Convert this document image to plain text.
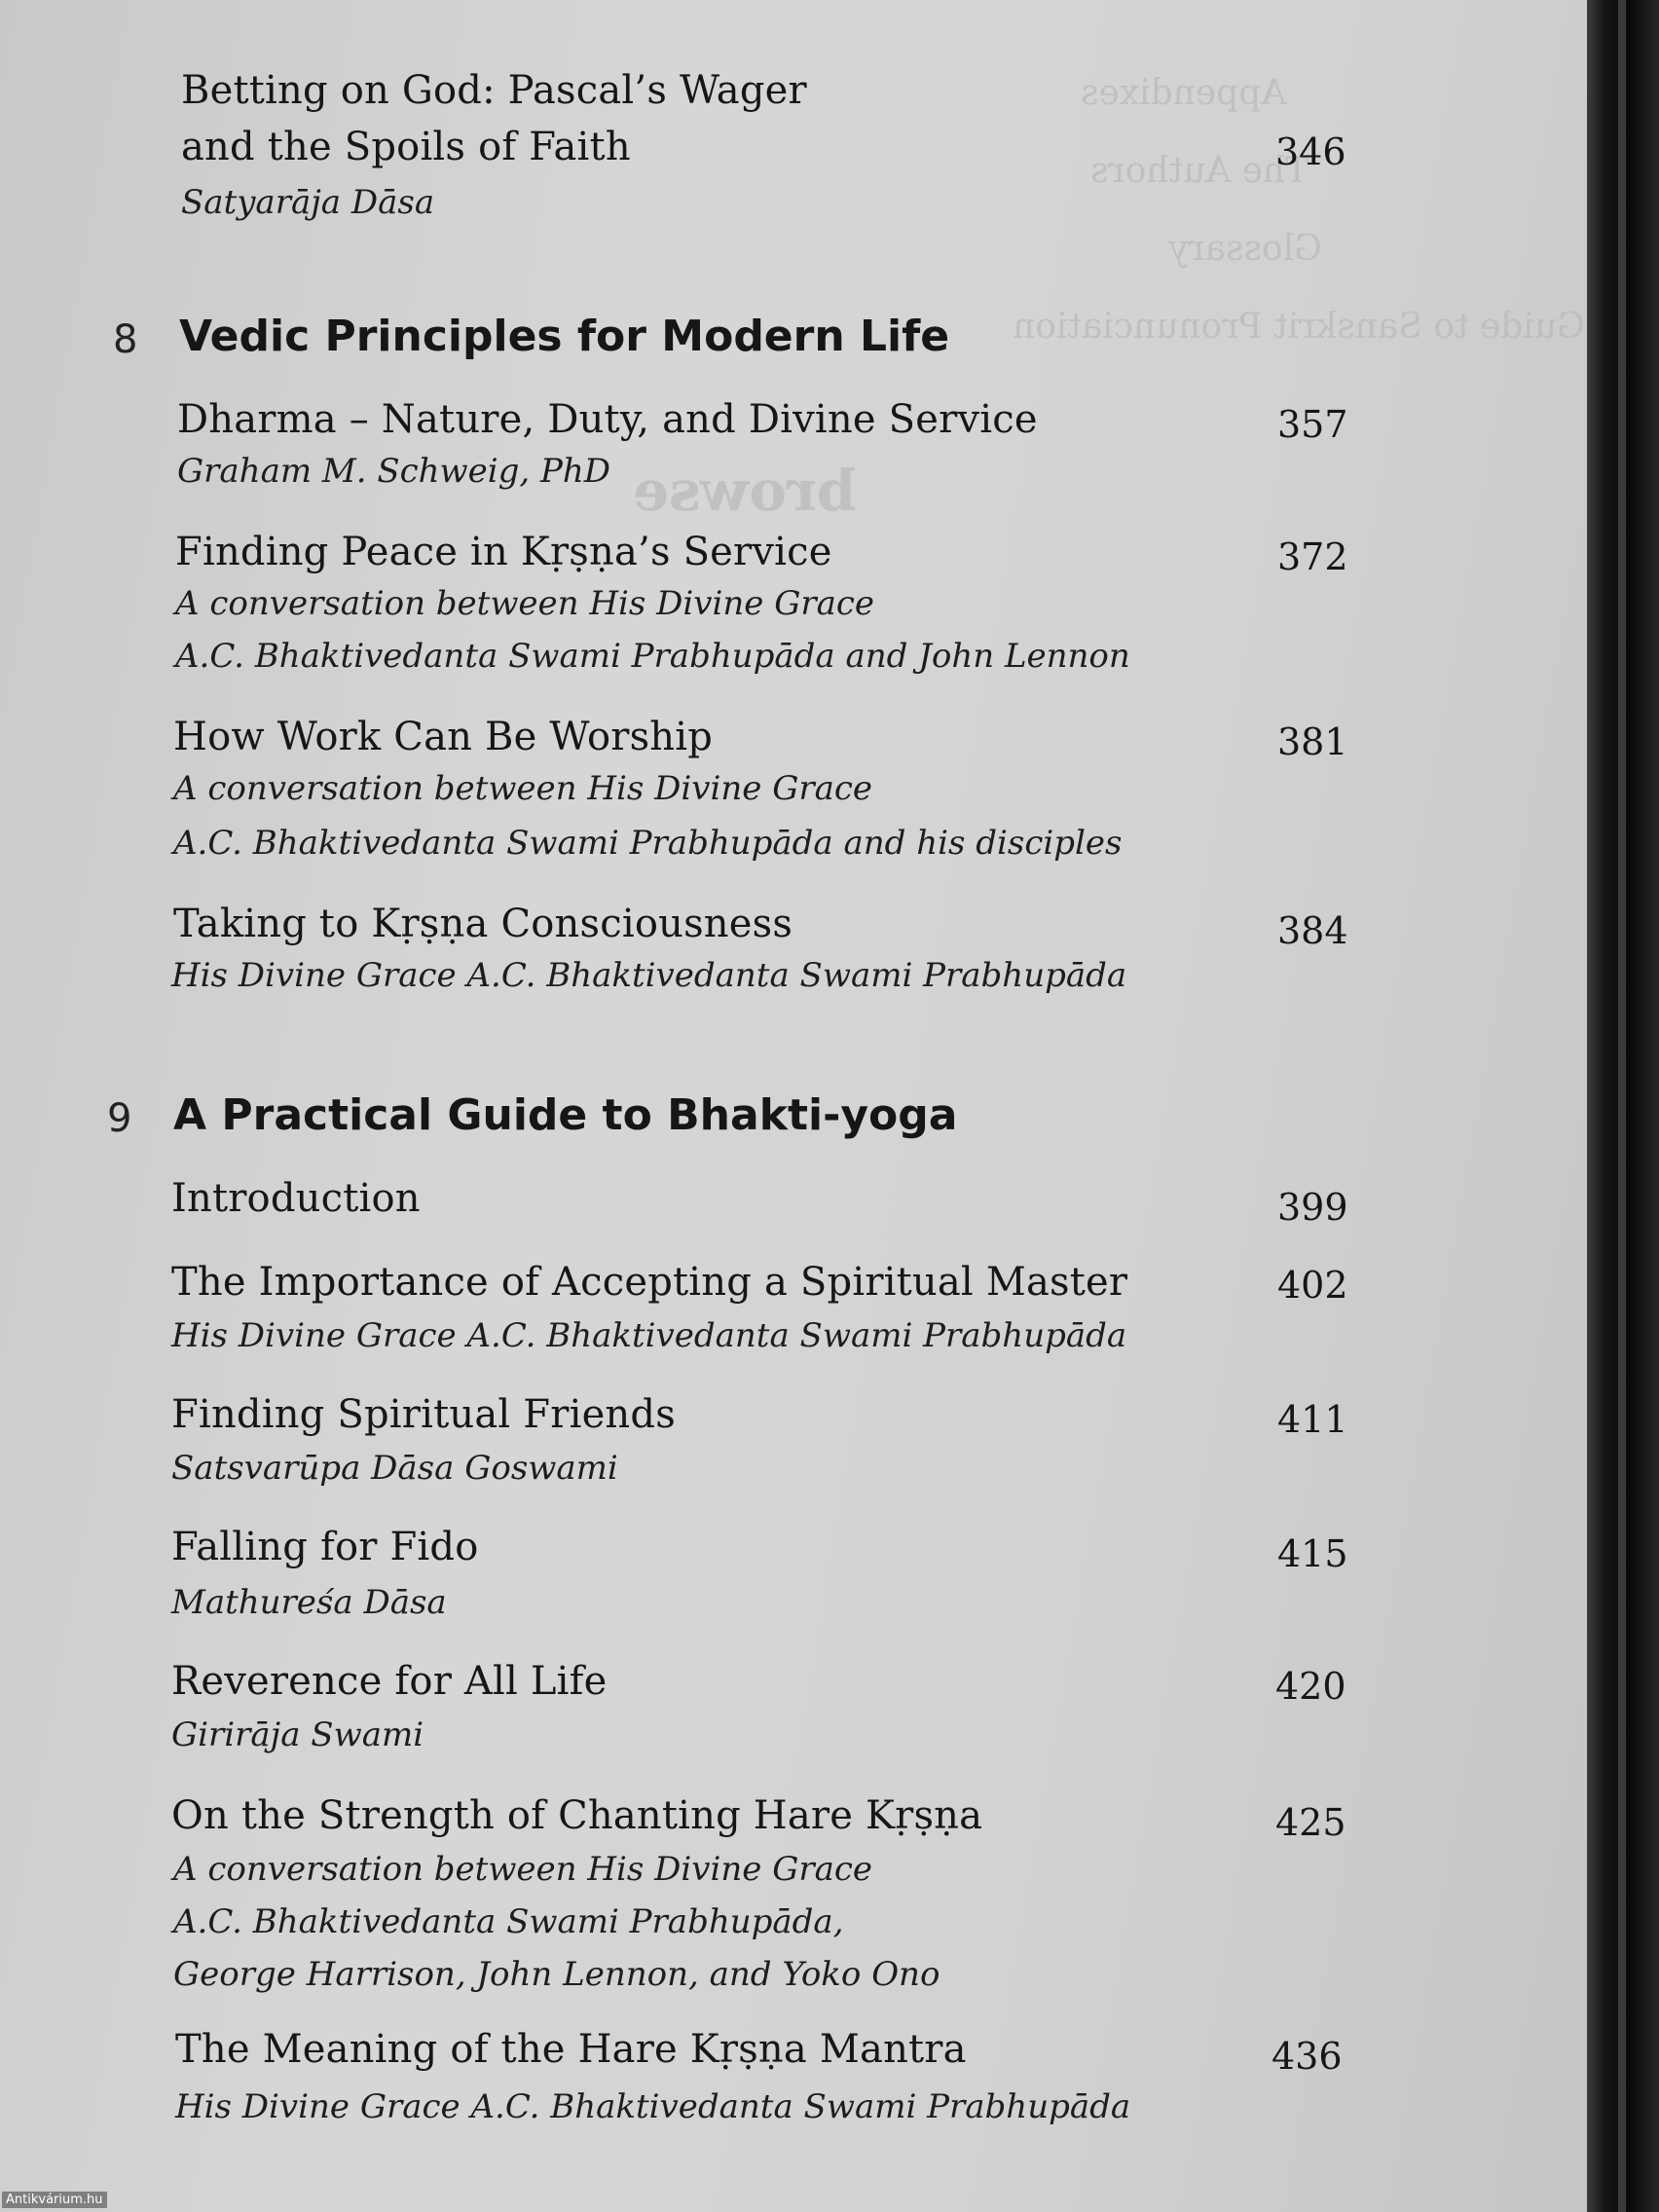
Appendixes
The Authors
Glossary
Guide to Sanskrit Pronunciation
browse
Betting on God: Pascal’s Wager
and the Spoils of Faith	346
Satyarāja Dāsa
8 Vedic Principles for Modern Life
Dharma – Nature, Duty, and Divine Service	357
Graham M. Schweig, PhD
Finding Peace in Kṛṣṇa’s Service	372
A conversation between His Divine Grace
A.C. Bhaktivedanta Swami Prabhupāda and John Lennon
How Work Can Be Worship	381
A conversation between His Divine Grace
A.C. Bhaktivedanta Swami Prabhupāda and his disciples
Taking to Kṛṣṇa Consciousness	384
His Divine Grace A.C. Bhaktivedanta Swami Prabhupāda
9 A Practical Guide to Bhakti-yoga
Introduction	399
The Importance of Accepting a Spiritual Master	402
His Divine Grace A.C. Bhaktivedanta Swami Prabhupāda
Finding Spiritual Friends	411
Satsvarūpa Dāsa Goswami
Falling for Fido	415
Mathureśa Dāsa
Reverence for All Life	420
Girirāja Swami
On the Strength of Chanting Hare Kṛṣṇa	425
A conversation between His Divine Grace
A.C. Bhaktivedanta Swami Prabhupāda,
George Harrison, John Lennon, and Yoko Ono
The Meaning of the Hare Kṛṣṇa Mantra	436
His Divine Grace A.C. Bhaktivedanta Swami Prabhupāda
Antikvárium.hu
